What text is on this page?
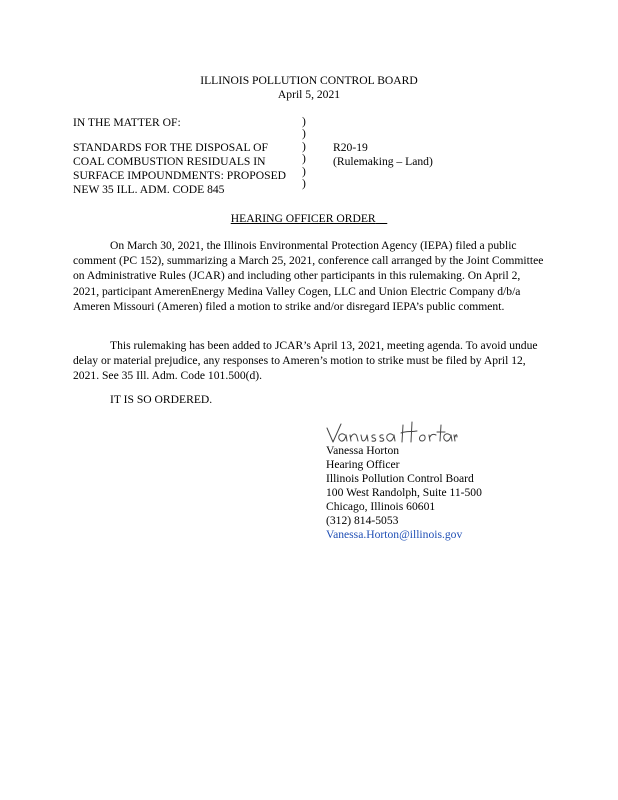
ILLINOIS POLLUTION CONTROL BOARD
April 5, 2021
IN THE MATTER OF:	)
)
)
)
)
)
STANDARDS FOR THE DISPOSAL OF
COAL COMBUSTION RESIDUALS IN
SURFACE IMPOUNDMENTS: PROPOSED
NEW 35 ILL. ADM. CODE 845
R20-19
(Rulemaking – Land)
HEARING OFFICER ORDER

On March 30, 2021, the Illinois Environmental Protection Agency (IEPA) filed a public comment (PC 152), summarizing a March 25, 2021, conference call arranged by the Joint Committee on Administrative Rules (JCAR) and including other participants in this rulemaking. On April 2, 2021, participant AmerenEnergy Medina Valley Cogen, LLC and Union Electric Company d/b/a Ameren Missouri (Ameren) filed a motion to strike and/or disregard IEPA’s public comment.

This rulemaking has been added to JCAR’s April 13, 2021, meeting agenda. To avoid undue delay or material prejudice, any responses to Ameren’s motion to strike must be filed by April 12, 2021. See 35 Ill. Adm. Code 101.500(d).

IT IS SO ORDERED.

Vanessa Horton
Hearing Officer
Illinois Pollution Control Board
100 West Randolph, Suite 11-500
Chicago, Illinois 60601
(312) 814-5053
Vanessa.Horton@illinois.gov
